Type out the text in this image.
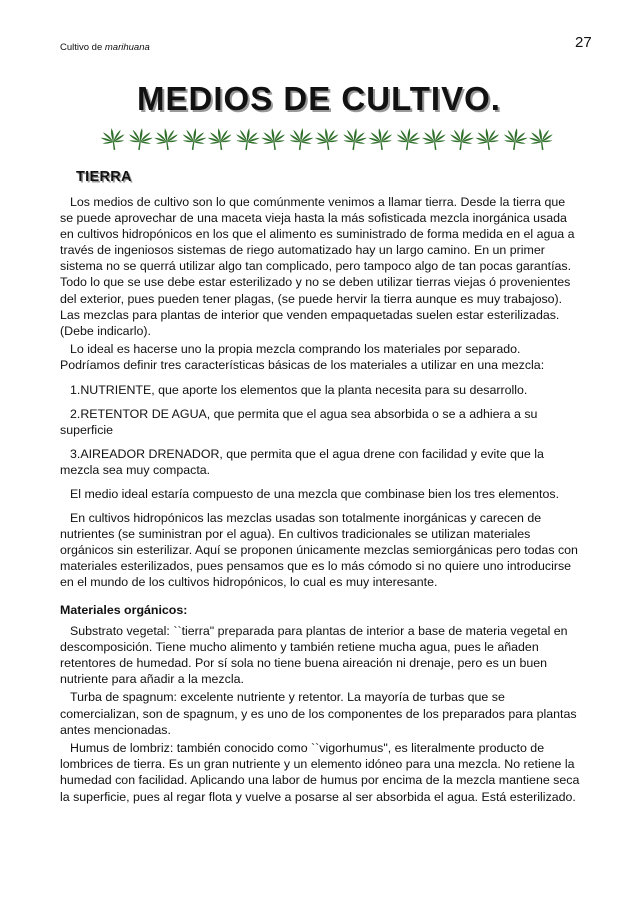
Cultivo de marihuana	27
MEDIOS DE CULTIVO.
TIERRA

Los medios de cultivo son lo que comúnmente venimos a llamar tierra. Desde la tierra que se puede aprovechar de una maceta vieja hasta la más sofisticada mezcla inorgánica usada en cultivos hidropónicos en los que el alimento es suministrado de forma medida en el agua a través de ingeniosos sistemas de riego automatizado hay un largo camino. En un primer sistema no se querrá utilizar algo tan complicado, pero tampoco algo de tan pocas garantías. Todo lo que se use debe estar esterilizado y no se deben utilizar tierras viejas ó provenientes del exterior, pues pueden tener plagas, (se puede hervir la tierra aunque es muy trabajoso). Las mezclas para plantas de interior que venden empaquetadas suelen estar esterilizadas. (Debe indicarlo).

Lo ideal es hacerse uno la propia mezcla comprando los materiales por separado. Podríamos definir tres características básicas de los materiales a utilizar en una mezcla:

1.NUTRIENTE, que aporte los elementos que la planta necesita para su desarrollo.

2.RETENTOR DE AGUA, que permita que el agua sea absorbida o se a adhiera a su superficie

3.AIREADOR DRENADOR, que permita que el agua drene con facilidad y evite que la mezcla sea muy compacta.

El medio ideal estaría compuesto de una mezcla que combinase bien los tres elementos.

En cultivos hidropónicos las mezclas usadas son totalmente inorgánicas y carecen de nutrientes (se suministran por el agua). En cultivos tradicionales se utilizan materiales orgánicos sin esterilizar. Aquí se proponen únicamente mezclas semiorgánicas pero todas con materiales esterilizados, pues pensamos que es lo más cómodo si no quiere uno introducirse en el mundo de los cultivos hidropónicos, lo cual es muy interesante.

Materiales orgánicos:

Substrato vegetal: ``tierra" preparada para plantas de interior a base de materia vegetal en descomposición. Tiene mucho alimento y también retiene mucha agua, pues le añaden retentores de humedad. Por sí sola no tiene buena aireación ni drenaje, pero es un buen nutriente para añadir a la mezcla.

Turba de spagnum: excelente nutriente y retentor. La mayoría de turbas que se comercializan, son de spagnum, y es uno de los componentes de los preparados para plantas antes mencionadas.

Humus de lombriz: también conocido como ``vigorhumus", es literalmente producto de lombrices de tierra. Es un gran nutriente y un elemento idóneo para una mezcla. No retiene la humedad con facilidad. Aplicando una labor de humus por encima de la mezcla mantiene seca la superficie, pues al regar flota y vuelve a posarse al ser absorbida el agua. Está esterilizado.
